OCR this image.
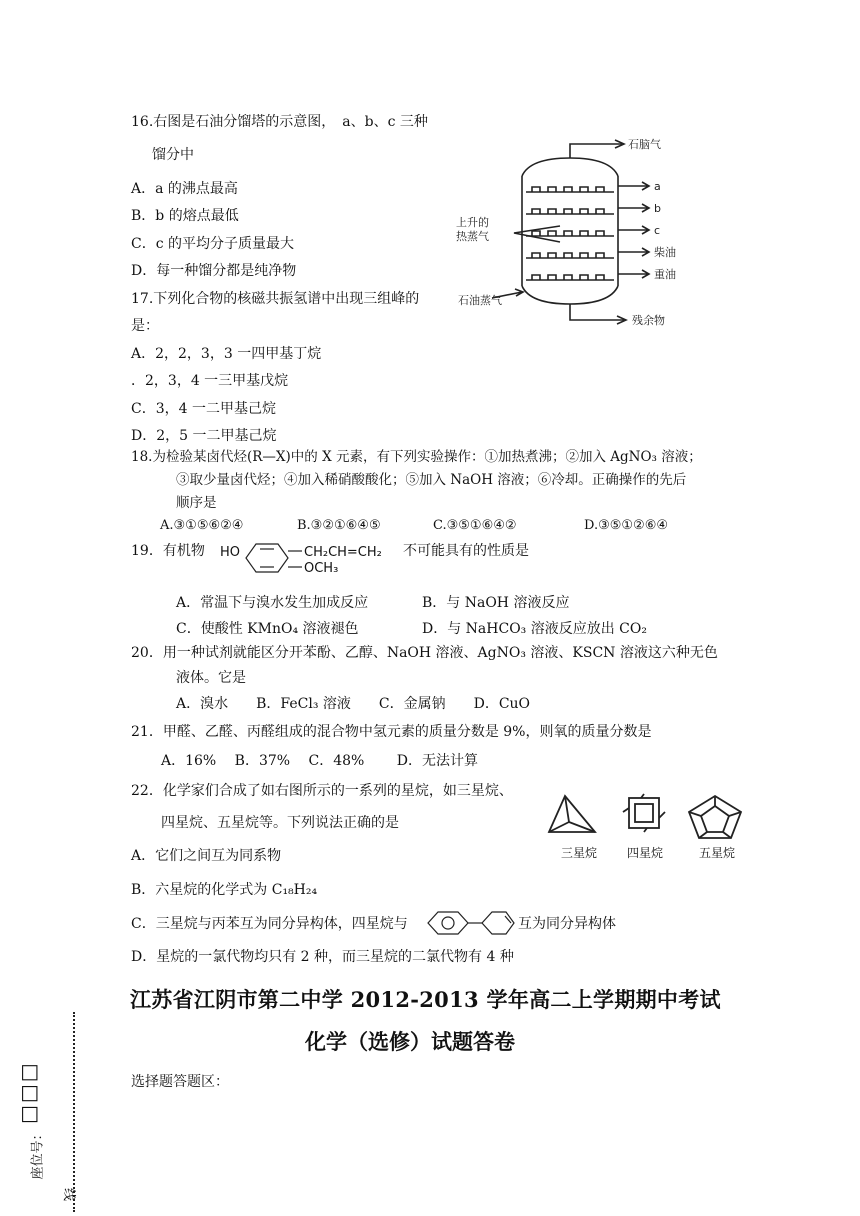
16.右图是石油分馏塔的示意图，　a、b、c 三种
馏分中
A．a 的沸点最高
B．b 的熔点最低
C．c 的平均分子质量最大
D．每一种馏分都是纯净物
石脑气
a
b
c
柴油
重油
上升的
热蒸气
石油蒸气
残余物
17.下列化合物的核磁共振氢谱中出现三组峰的
是：
A．2，2，3，3 一四甲基丁烷
．2，3，4 一三甲基戊烷
C．3，4 一二甲基己烷
D．2，5 一二甲基己烷
18.为检验某卤代烃(R—X)中的 X 元素，有下列实验操作：①加热煮沸；②加入 AgNO₃ 溶液；
③取少量卤代烃；④加入稀硝酸酸化；⑤加入 NaOH 溶液；⑥冷却。正确操作的先后
顺序是
A.③①⑤⑥②④	B.③②①⑥④⑤	C.③⑤①⑥④②	D.③⑤①②⑥④
19．有机物 HO	CH₂CH=CH₂
OCH₃
不可能具有的性质是
A．常温下与溴水发生加成反应	B．与 NaOH 溶液反应
C．使酸性 KMnO₄ 溶液褪色	D．与 NaHCO₃ 溶液反应放出 CO₂
20．用一种试剂就能区分开苯酚、乙醇、NaOH 溶液、AgNO₃ 溶液、KSCN 溶液这六种无色
液体。它是
A．溴水　　B．FeCl₃ 溶液　　C．金属钠　　D．CuO
21．甲醛、乙醛、丙醛组成的混合物中氢元素的质量分数是 9%，则氧的质量分数是
A．16%　 B．37%　 C．48%　　 D．无法计算
22．化学家们合成了如右图所示的一系列的星烷，如三星烷、
四星烷、五星烷等。下列说法正确的是
A．它们之间互为同系物
B．六星烷的化学式为 C₁₈H₂₄
C．三星烷与丙苯互为同分异构体，四星烷与	互为同分异构体
D．星烷的一氯代物均只有 2 种，而三星烷的二氯代物有 4 种
三星烷 四星烷	五星烷
江苏省江阴市第二中学 2012-2013 学年高二上学期期中考试
化学（选修）试题答卷
选择题答题区：
线
座位号：
□□□
